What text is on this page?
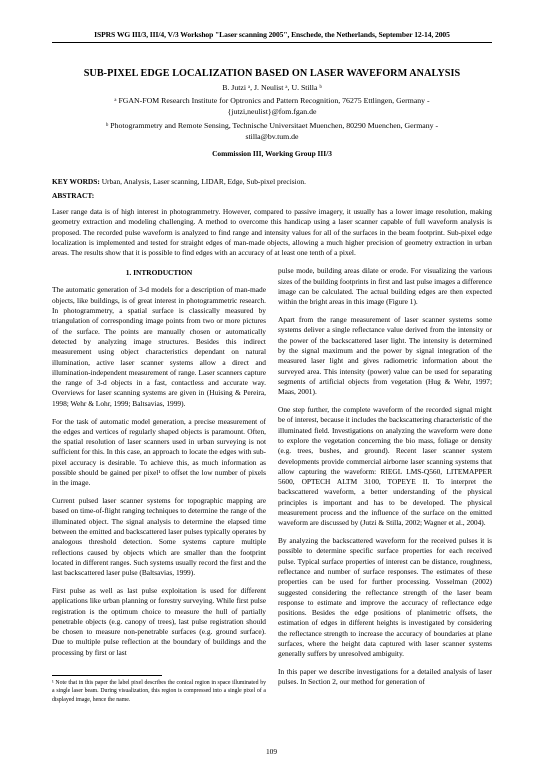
ISPRS WG III/3, III/4, V/3 Workshop "Laser scanning 2005", Enschede, the Netherlands, September 12-14, 2005
SUB-PIXEL EDGE LOCALIZATION BASED ON LASER WAVEFORM ANALYSIS
B. Jutzi ᵃ, J. Neulist ᵃ, U. Stilla ᵇ
ᵃ FGAN-FOM Research Institute for Optronics and Pattern Recognition, 76275 Ettlingen, Germany -
{jutzi,neulist}@fom.fgan.de
ᵇ Photogrammetry and Remote Sensing, Technische Universitaet Muenchen, 80290 Muenchen, Germany -
stilla@bv.tum.de
Commission III, Working Group III/3
KEY WORDS: Urban, Analysis, Laser scanning, LIDAR, Edge, Sub-pixel precision.
ABSTRACT:
Laser range data is of high interest in photogrammetry. However, compared to passive imagery, it usually has a lower image resolution, making geometry extraction and modeling challenging. A method to overcome this handicap using a laser scanner capable of full waveform analysis is proposed. The recorded pulse waveform is analyzed to find range and intensity values for all of the surfaces in the beam footprint. Sub-pixel edge localization is implemented and tested for straight edges of man-made objects, allowing a much higher precision of geometry extraction in urban areas. The results show that it is possible to find edges with an accuracy of at least one tenth of a pixel.
1. INTRODUCTION

The automatic generation of 3-d models for a description of man-made objects, like buildings, is of great interest in photogrammetric research. In photogrammetry, a spatial surface is classically measured by triangulation of corresponding image points from two or more pictures of the surface. The points are manually chosen or automatically detected by analyzing image structures. Besides this indirect measurement using object characteristics dependant on natural illumination, active laser scanner systems allow a direct and illumination-independent measurement of range. Laser scanners capture the range of 3-d objects in a fast, contactless and accurate way. Overviews for laser scanning systems are given in (Huising & Pereira, 1998; Wehr & Lohr, 1999; Baltsavias, 1999).

For the task of automatic model generation, a precise measurement of the edges and vertices of regularly shaped objects is paramount. Often, the spatial resolution of laser scanners used in urban surveying is not sufficient for this. In this case, an approach to locate the edges with sub-pixel accuracy is desirable. To achieve this, as much information as possible should be gained per pixel¹ to offset the low number of pixels in the image.

Current pulsed laser scanner systems for topographic mapping are based on time-of-flight ranging techniques to determine the range of the illuminated object. The signal analysis to determine the elapsed time between the emitted and backscattered laser pulses typically operates by analogous threshold detection. Some systems capture multiple reflections caused by objects which are smaller than the footprint located in different ranges. Such systems usually record the first and the last backscattered laser pulse (Baltsavias, 1999).

First pulse as well as last pulse exploitation is used for different applications like urban planning or forestry surveying. While first pulse registration is the optimum choice to measure the hull of partially penetrable objects (e.g. canopy of trees), last pulse registration should be chosen to measure non-penetrable surfaces (e.g. ground surface). Due to multiple pulse reflection at the boundary of buildings and the processing by first or last

¹ Note that in this paper the label pixel describes the conical region in space illuminated by a single laser beam. During visualization, this region is compressed into a single pixel of a displayed image, hence the name.

pulse mode, building areas dilate or erode. For visualizing the various sizes of the building footprints in first and last pulse images a difference image can be calculated. The actual building edges are then expected within the bright areas in this image (Figure 1).

Apart from the range measurement of laser scanner systems some systems deliver a single reflectance value derived from the intensity or the power of the backscattered laser light. The intensity is determined by the signal maximum and the power by signal integration of the measured laser light and gives radiometric information about the surveyed area. This intensity (power) value can be used for separating segments of artificial objects from vegetation (Hug & Wehr, 1997; Maas, 2001).

One step further, the complete waveform of the recorded signal might be of interest, because it includes the backscattering characteristic of the illuminated field. Investigations on analyzing the waveform were done to explore the vegetation concerning the bio mass, foliage or density (e.g. trees, bushes, and ground). Recent laser scanner system developments provide commercial airborne laser scanning systems that allow capturing the waveform: RIEGL LMS-Q560, LITEMAPPER 5600, OPTECH ALTM 3100, TOPEYE II. To interpret the backscattered waveform, a better understanding of the physical principles is important and has to be developed. The physical measurement process and the influence of the surface on the emitted waveform are discussed by (Jutzi & Stilla, 2002; Wagner et al., 2004).

By analyzing the backscattered waveform for the received pulses it is possible to determine specific surface properties for each received pulse. Typical surface properties of interest can be distance, roughness, reflectance and number of surface responses. The estimates of these properties can be used for further processing. Vosselman (2002) suggested considering the reflectance strength of the laser beam response to estimate and improve the accuracy of reflectance edge positions. Besides the edge positions of planimetric offsets, the estimation of edges in different heights is investigated by considering the reflectance strength to increase the accuracy of boundaries at plane surfaces, where the height data captured with laser scanner systems generally suffers by unresolved ambiguity.

In this paper we describe investigations for a detailed analysis of laser pulses. In Section 2, our method for generation of

109
